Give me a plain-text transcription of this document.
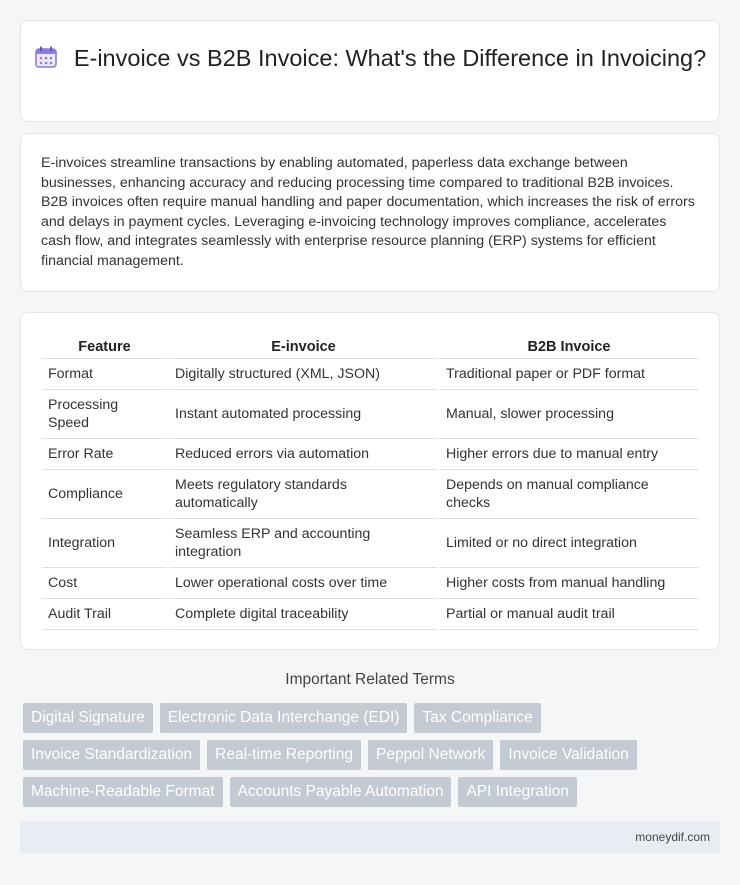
E-invoice vs B2B Invoice: What's the Difference in Invoicing?

E-invoices streamline transactions by enabling automated, paperless data exchange between businesses, enhancing accuracy and reducing processing time compared to traditional B2B invoices. B2B invoices often require manual handling and paper documentation, which increases the risk of errors and delays in payment cycles. Leveraging e-invoicing technology improves compliance, accelerates cash flow, and integrates seamlessly with enterprise resource planning (ERP) systems for efficient financial management.

Feature	E-invoice	B2B Invoice
Format	Digitally structured (XML, JSON)	Traditional paper or PDF format
Processing Speed	Instant automated processing	Manual, slower processing
Error Rate	Reduced errors via automation	Higher errors due to manual entry
Compliance	Meets regulatory standards automatically	Depends on manual compliance checks
Integration	Seamless ERP and accounting integration	Limited or no direct integration
Cost	Lower operational costs over time	Higher costs from manual handling
Audit Trail	Complete digital traceability	Partial or manual audit trail
Important Related Terms
Digital Signature	Electronic Data Interchange (EDI)	Tax Compliance
Invoice Standardization	Real-time Reporting	Peppol Network	Invoice Validation
Machine-Readable Format	Accounts Payable Automation	API Integration
moneydif.com
